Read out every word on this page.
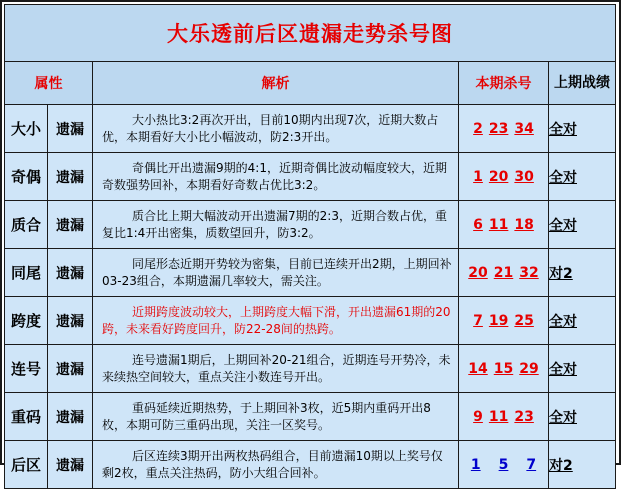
大乐透前后区遗漏走势杀号图				
属性		解析	本期杀号	上期战绩
大小	遗漏	大小热比3:2再次开出，目前10期内出现7次，近期大数占优，本期看好大小比小幅波动，防2:3开出。	2 23 34	全对
奇偶	遗漏	奇偶比开出遗漏9期的4:1，近期奇偶比波动幅度较大，近期奇数强势回补，本期看好奇数占优比3:2。	1 20 30	全对
质合	遗漏	质合比上期大幅波动开出遗漏7期的2:3，近期合数占优，重复比1:4开出密集，质数望回升，防3:2。	6 11 18	全对
同尾	遗漏	同尾形态近期开势较为密集，目前已连续开出2期，上期回补03-23组合，本期遗漏几率较大，需关注。	20 21 32	对2
跨度	遗漏	近期跨度波动较大，上期跨度大幅下滑，开出遗漏61期的20跨，未来看好跨度回升，防22-28间的热跨。	7 19 25	全对
连号	遗漏	连号遗漏1期后，上期回补20-21组合，近期连号开势冷，未来续热空间较大，重点关注小数连号开出。	14 15 29	全对
重码	遗漏	重码延续近期热势，于上期回补3枚，近5期内重码开出8枚，本期可防三重码出现，关注一区奖号。	9 11 23	全对
后区	遗漏	后区连续3期开出两枚热码组合，目前遗漏10期以上奖号仅剩2枚，重点关注热码，防小大组合回补。	1 5 7	对2
